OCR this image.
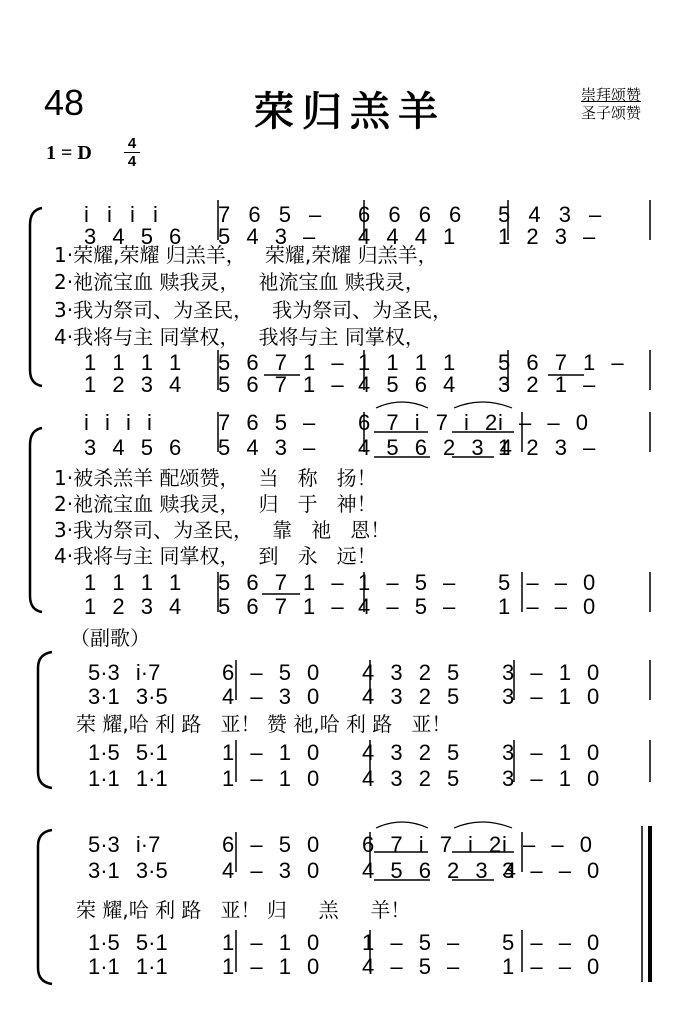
48	荣归羔羊	崇拜颂赞
圣子颂赞
1 = D 4
4
i i i i	7 6 5 – 6 6 6 6 5 4 3 –
3 4 5 6 5 4 3 – 4 4 4 1 1 2 3 –
1·荣耀,荣耀 归羔羊，   荣耀,荣耀 归羔羊，
2·祂流宝血 赎我灵，   祂流宝血 赎我灵，
3·我为祭司、为圣民，   我为祭司、为圣民，
4·我将与主 同掌权，   我将与主 同掌权，
1 1 1 1 5 6 7 1 – 1 1 1 1 5 6 7 1 –
1 2 3 4 5 6 7 1 – 4 5 6 4 3 2 1 –
i i i i	7 6 5 – 6 7 i 7 i 2i – – 0
3 4 5 6 5 4 3 – 4 5 6 2 3 41 2 3 –
1·被杀羔羊 配颂赞，   当   称   扬！
2·祂流宝血 赎我灵，   归   于   神！
3·我为祭司、为圣民，   靠   祂   恩！
4·我将与主 同掌权，   到   永   远！
1 1 1 1 5 6 7 1 – 1 – 5 – 5 – – 0
1 2 3 4 5 6 7 1 – 4 – 5 – 1 – – 0
（副歌）
5·3 i·7	6 – 5 0 4 3 2 5 3 – 1 0
3·1 3·5 4 – 3 0 4 3 2 5 3 – 1 0
荣 耀,哈 利 路   亚！ 赞 祂,哈 利 路   亚！
1·5 5·1 1 – 1 0 4 3 2 5 3 – 1 0
1·1 1·1 1 – 1 0 4 3 2 5 3 – 1 0
5·3 i·7	6 – 5 0 6 7 i 7 i 2i – – 0
3·1 3·5 4 – 3 0 4 5 6 2 3 43 – – 0
荣 耀,哈 利 路   亚！ 归     羔     羊！
1·5 5·1 1 – 1 0 1 – 5 – 5 – – 0
1·1 1·1 1 – 1 0 4 – 5 – 1 – – 0
